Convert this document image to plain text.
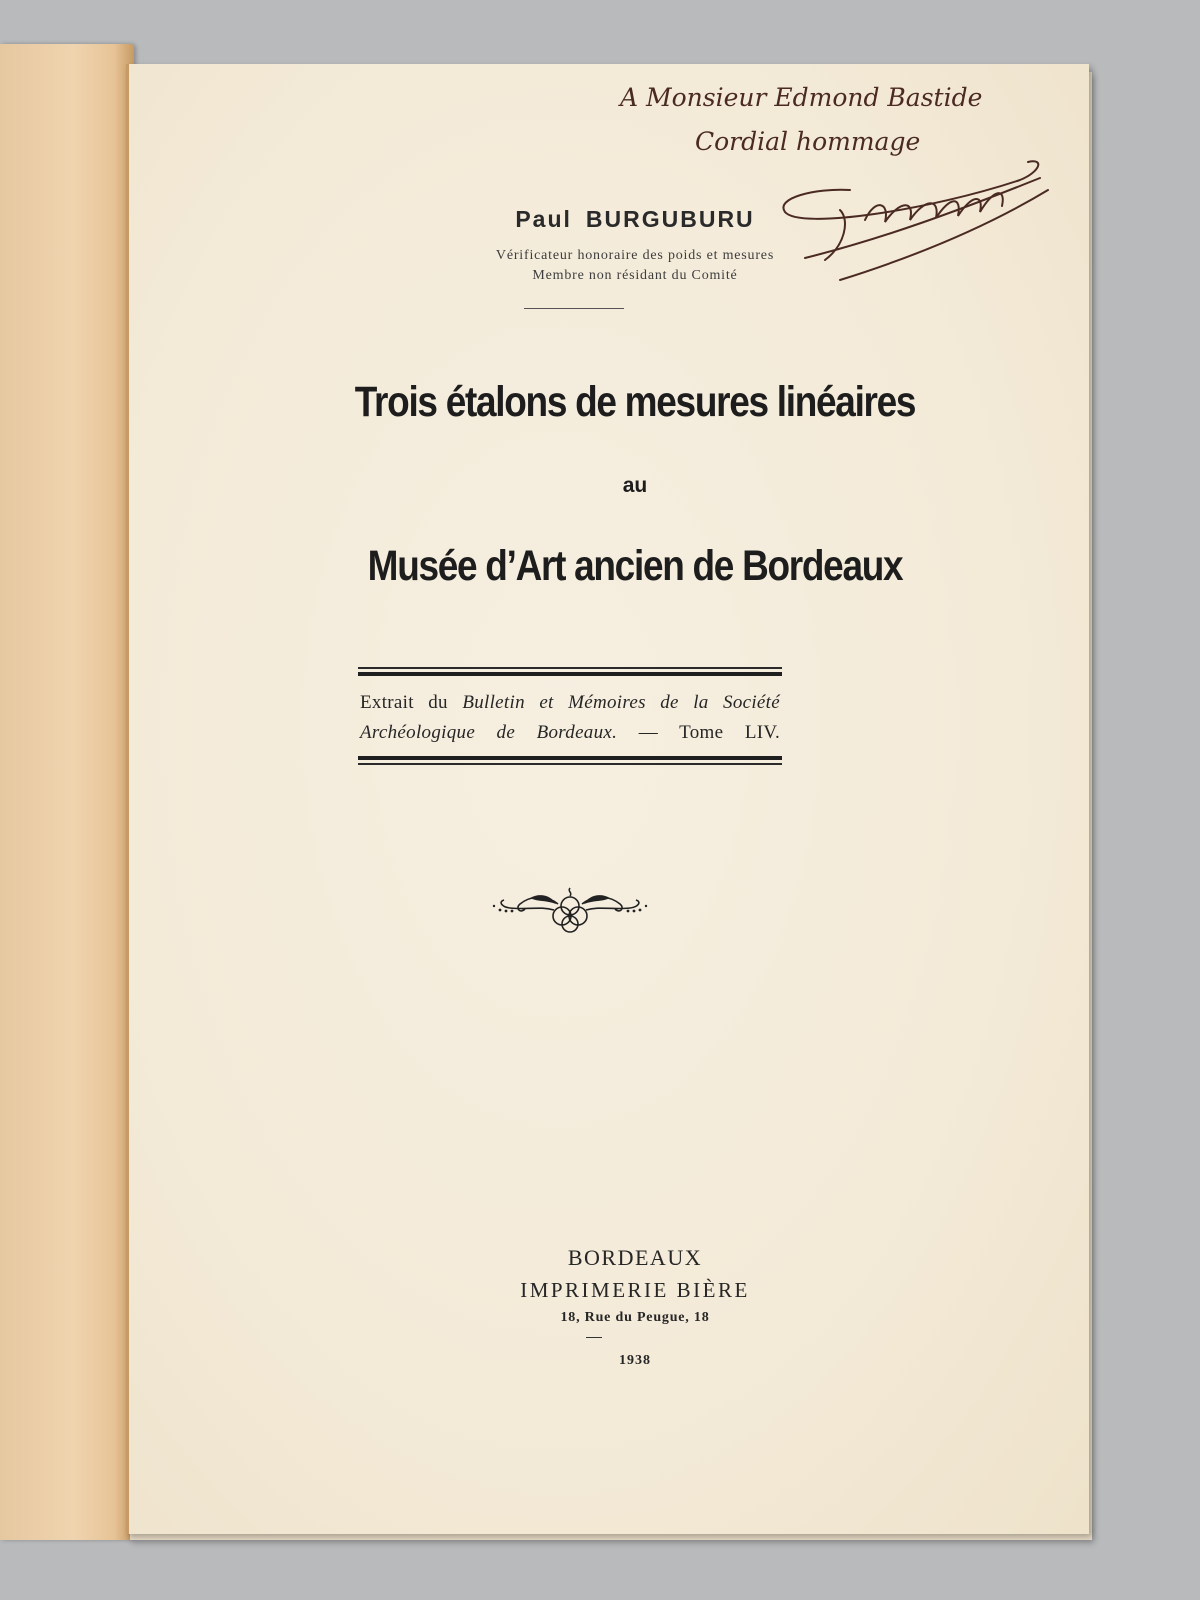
A Monsieur Edmond Bastide
Cordial hommage
Paul BURGUBURU
Vérificateur honoraire des poids et mesures
Membre non résidant du Comité
Trois étalons de mesures linéaires
au
Musée d’Art ancien de Bordeaux
Extrait du Bulletin et Mémoires de la Société
Archéologique de Bordeaux. — Tome LIV.
BORDEAUX
IMPRIMERIE BIÈRE
18, Rue du Peugue, 18
1938
